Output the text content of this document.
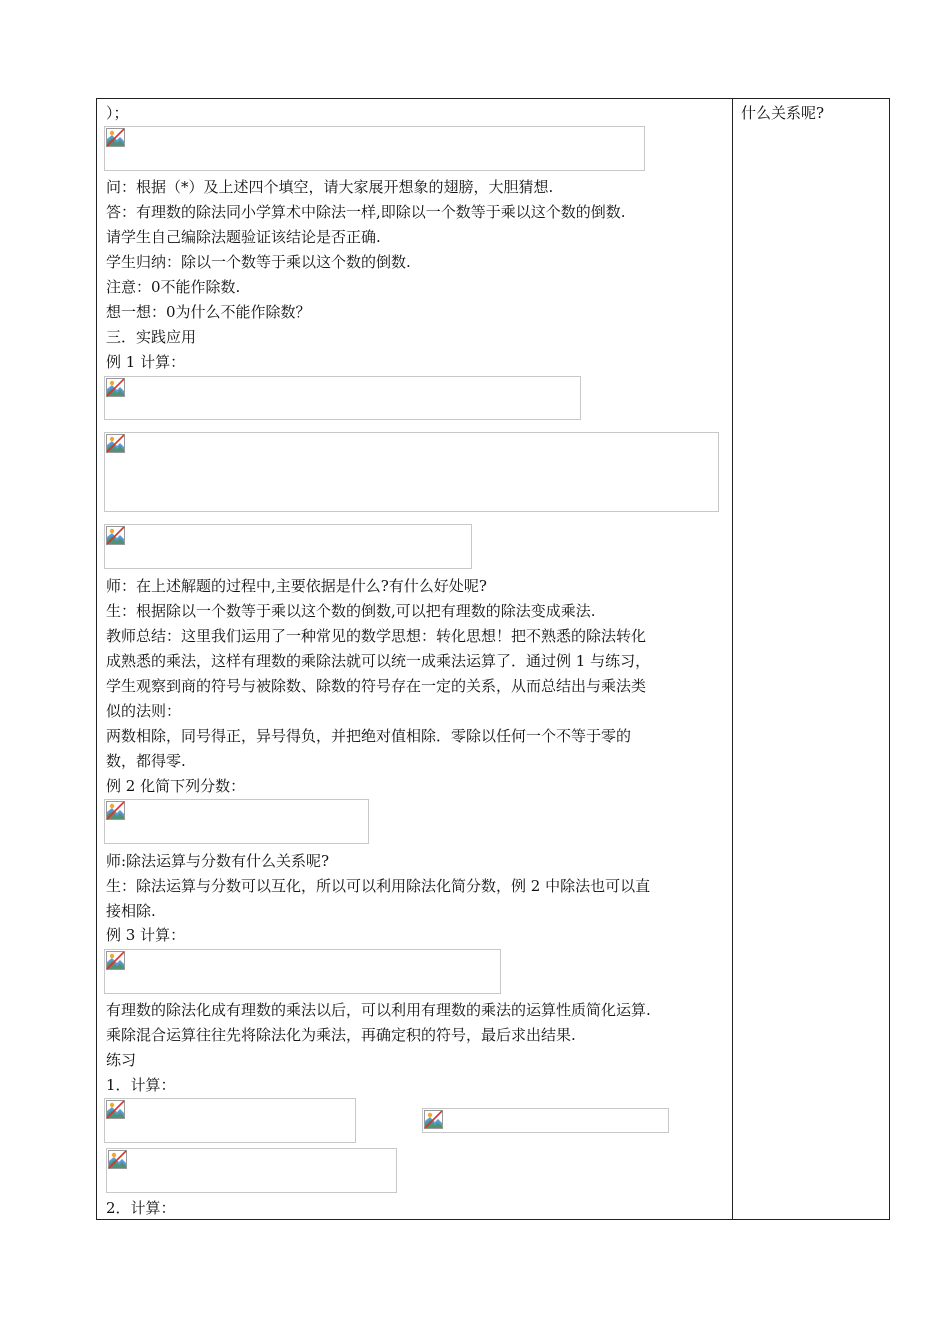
）；
问：根据（*）及上述四个填空，请大家展开想象的翅膀，大胆猜想.
答：有理数的除法同小学算术中除法一样,即除以一个数等于乘以这个数的倒数.
请学生自己编除法题验证该结论是否正确.
学生归纳：除以一个数等于乘以这个数的倒数.
注意：0不能作除数.
想一想：0为什么不能作除数？
三．实践应用
例 1 计算：
师：在上述解题的过程中,主要依据是什么?有什么好处呢?
生：根据除以一个数等于乘以这个数的倒数,可以把有理数的除法变成乘法.
教师总结：这里我们运用了一种常见的数学思想：转化思想！把不熟悉的除法转化
成熟悉的乘法，这样有理数的乘除法就可以统一成乘法运算了．通过例 1 与练习，
学生观察到商的符号与被除数、除数的符号存在一定的关系，从而总结出与乘法类
似的法则：
两数相除，同号得正，异号得负，并把绝对值相除．零除以任何一个不等于零的
数，都得零.
例 2 化简下列分数：
师:除法运算与分数有什么关系呢?
生：除法运算与分数可以互化，所以可以利用除法化简分数，例 2 中除法也可以直
接相除.
例 3 计算：
有理数的除法化成有理数的乘法以后，可以利用有理数的乘法的运算性质简化运算.
乘除混合运算往往先将除法化为乘法，再确定积的符号，最后求出结果.
练习
1．计算：
2．计算：
什么关系呢?
